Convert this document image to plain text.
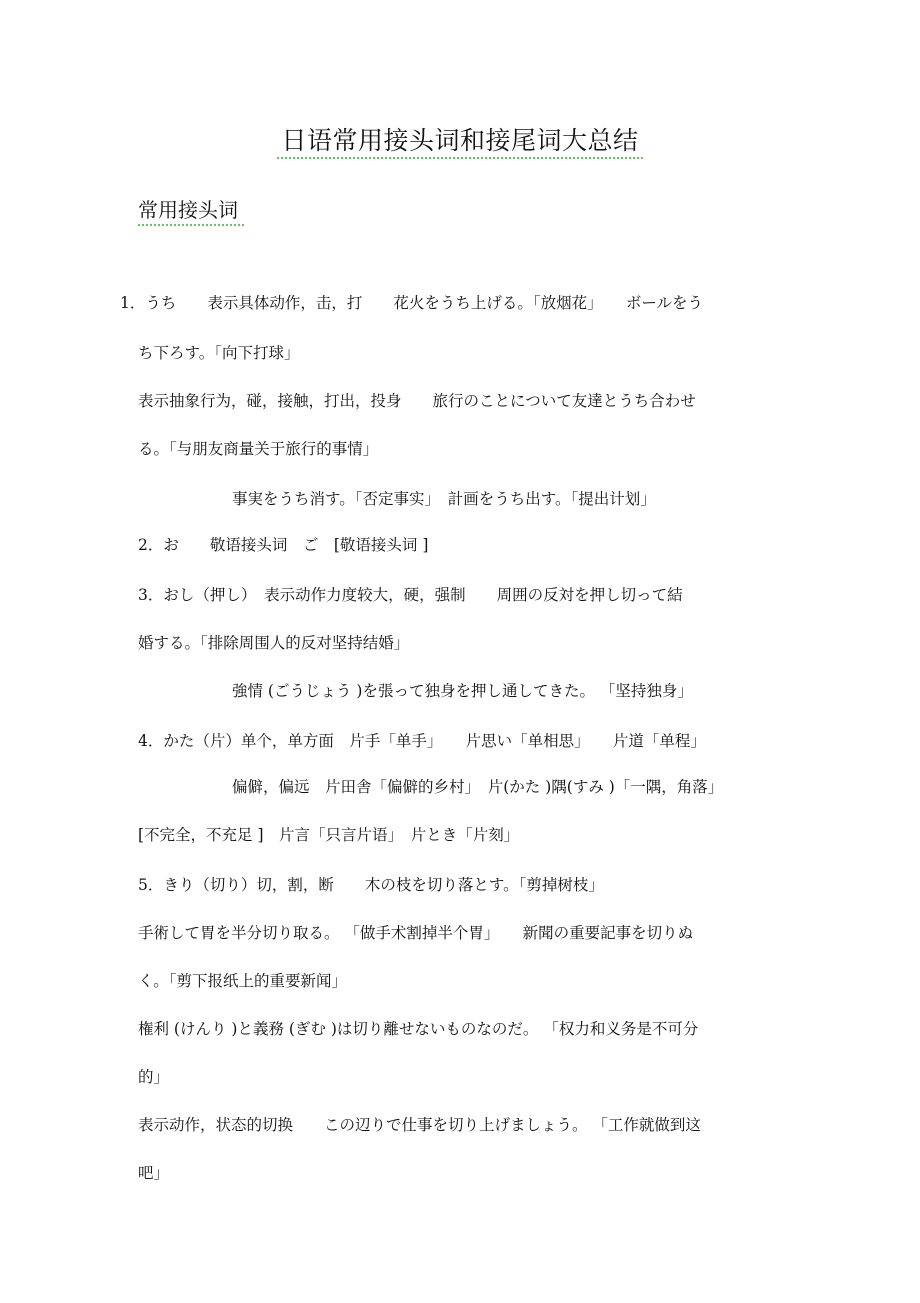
日语常用接头词和接尾词大总结
常用接头词
1．うち　　表示具体动作，击，打　　花火をうち上げる。「放烟花」　　ボールをう
ち下ろす。「向下打球」
表示抽象行为，碰，接触，打出，投身　　旅行のことについて友達とうち合わせ
る。「与朋友商量关于旅行的事情」
事実をうち消す。「否定事实」　計画をうち出す。「提出计划」
2．お　　敬语接头词　ご　[敬语接头词 ]
3．おし（押し）　表示动作力度较大，硬，强制　　周囲の反対を押し切って結
婚する。「排除周围人的反对坚持结婚」
強情 (ごうじょう )を張って独身を押し通してきた。 「坚持独身」
4．かた（片）单个，单方面　片手「单手」　　片思い「单相思」　　片道「单程」
偏僻，偏远　片田舎「偏僻的乡村」　片(かた )隅(すみ )「一隅，角落」
[不完全，不充足 ]　片言「只言片语」　片とき「片刻」
5．きり（切り）切，割，断　　木の枝を切り落とす。「剪掉树枝」
手術して胃を半分切り取る。 「做手术割掉半个胃」　　新聞の重要記事を切りぬ
く。「剪下报纸上的重要新闻」
権利 (けんり )と義務 (ぎむ )は切り離せないものなのだ。 「权力和义务是不可分
的」
表示动作，状态的切换　　この辺りで仕事を切り上げましょう。 「工作就做到这
吧」
